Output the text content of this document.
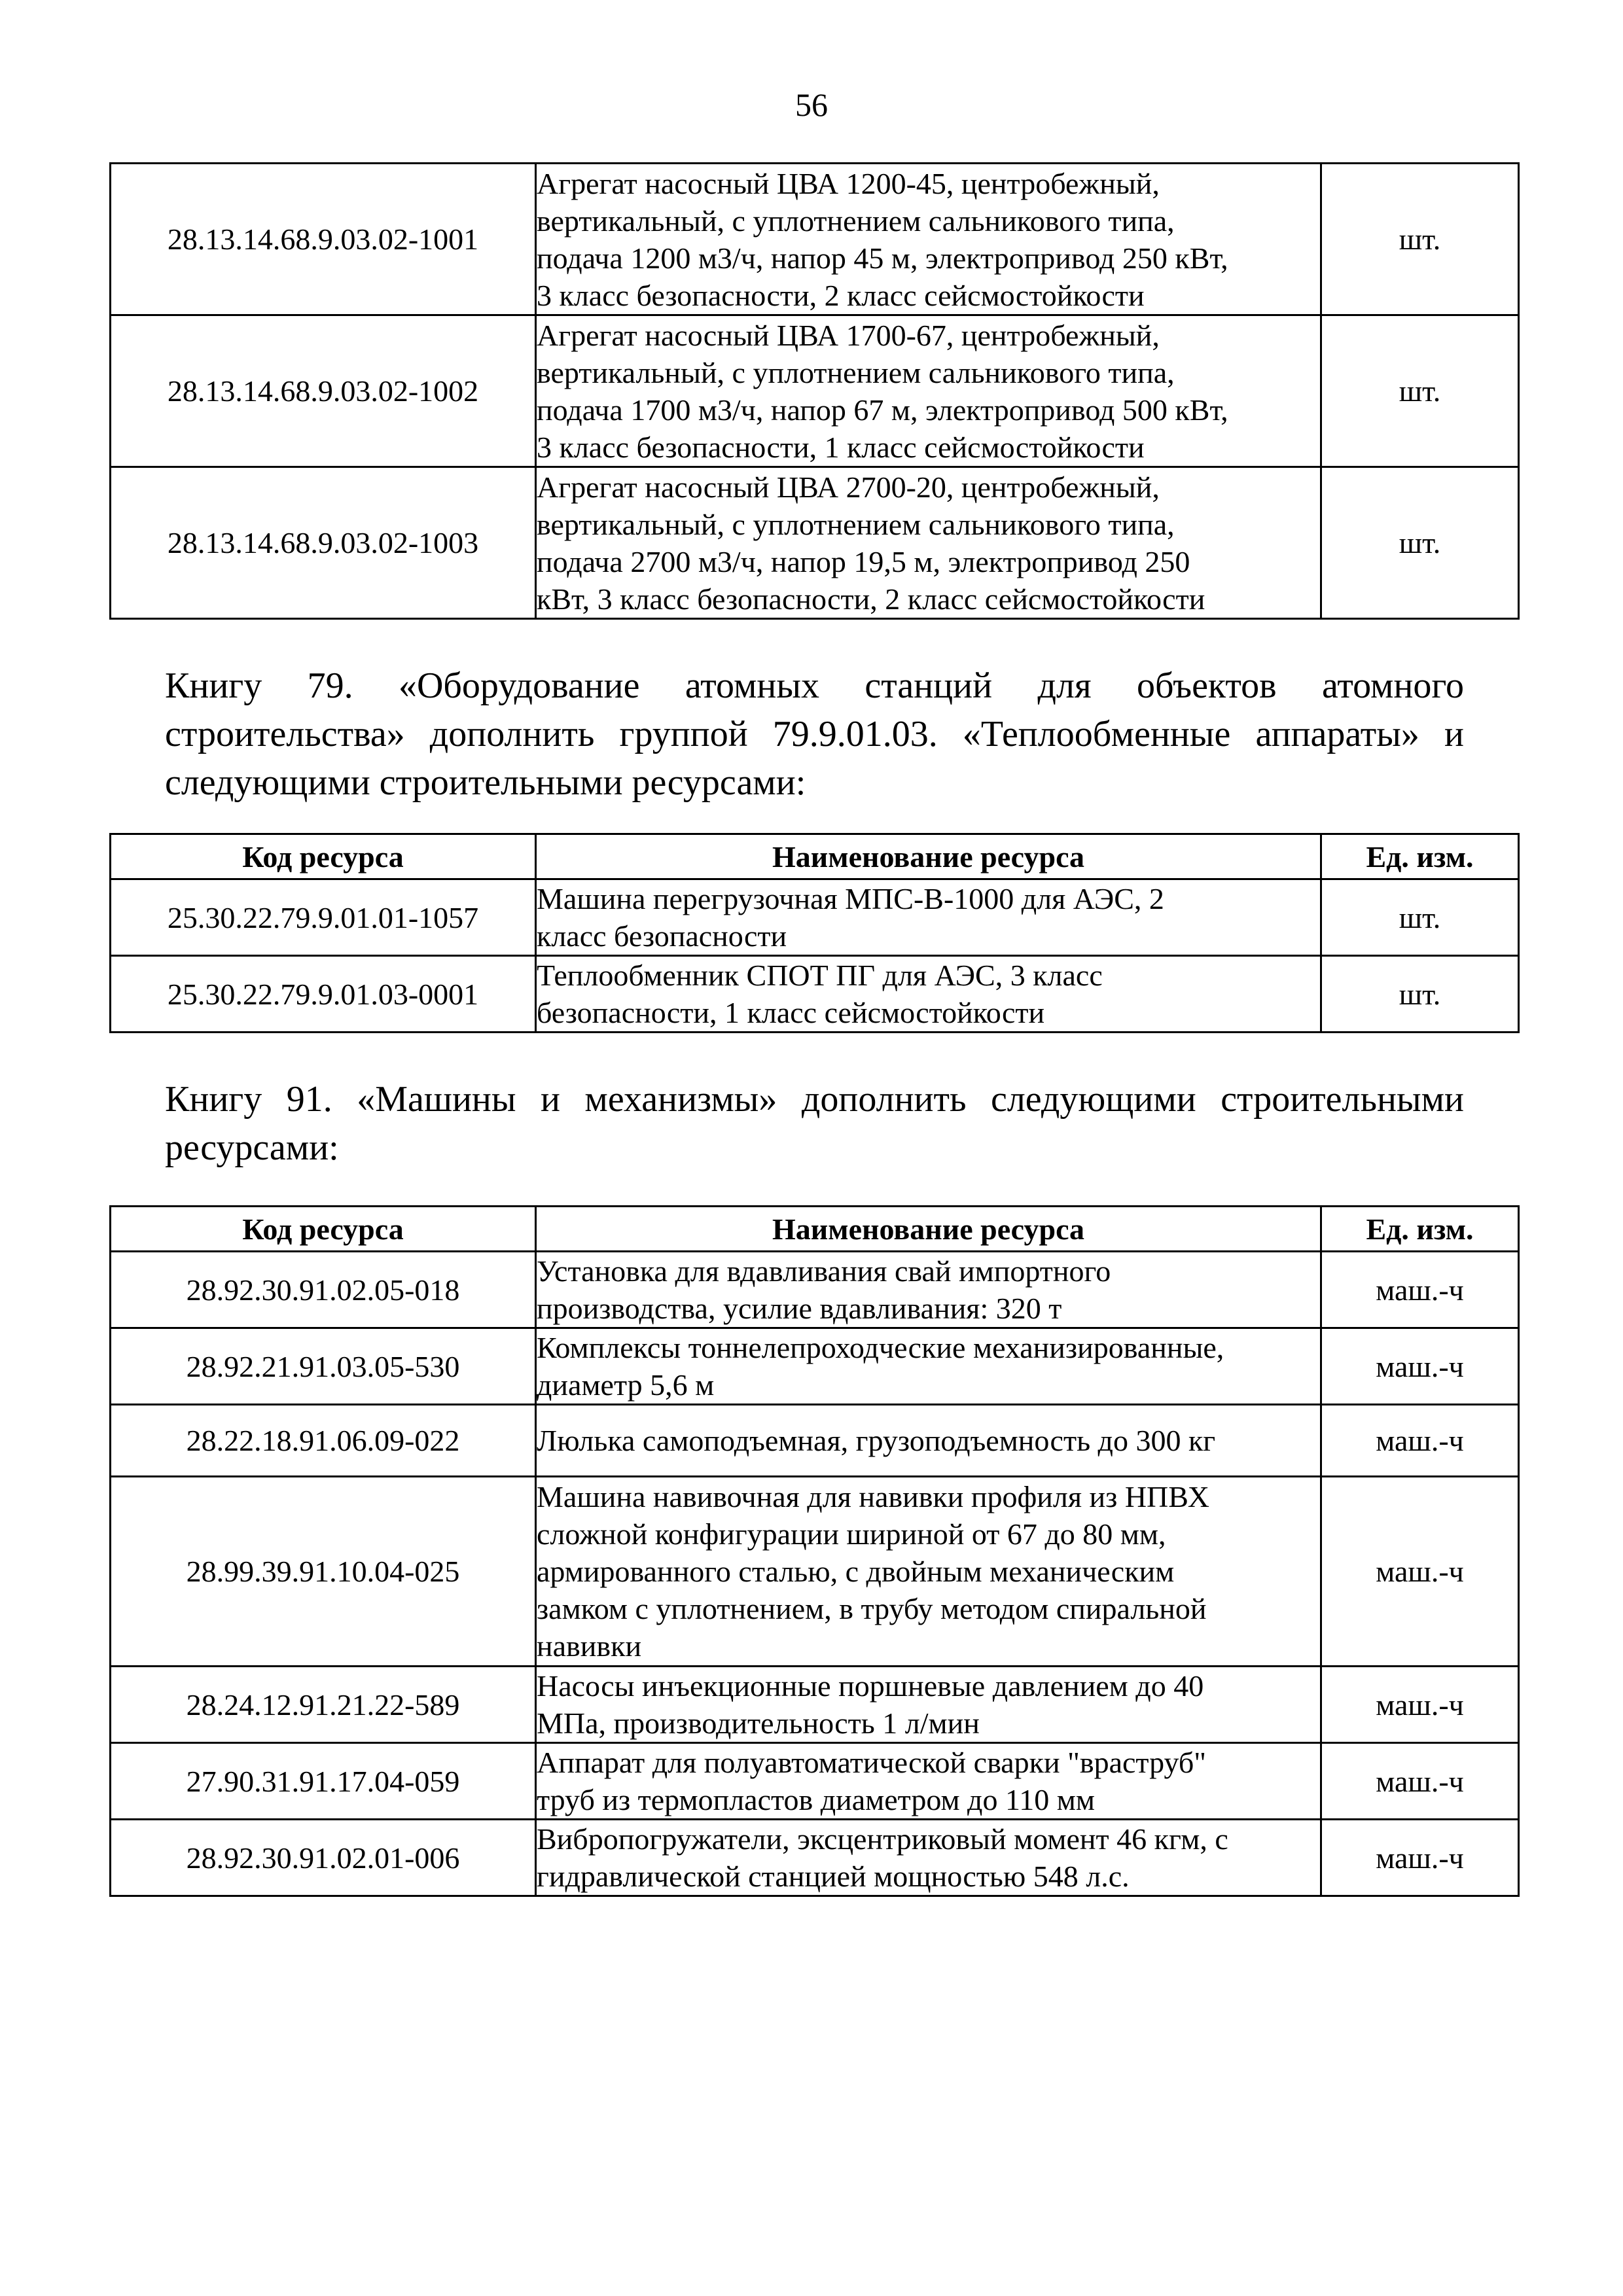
56
28.13.14.68.9.03.02-1001	Агрегат насосный ЦВА 1200-45, центробежный,
вертикальный, с уплотнением сальникового типа,
подача 1200 м3/ч, напор 45 м, электропривод 250 кВт,
3 класс безопасности, 2 класс сейсмостойкости	шт.
28.13.14.68.9.03.02-1002	Агрегат насосный ЦВА 1700-67, центробежный,
вертикальный, с уплотнением сальникового типа,
подача 1700 м3/ч, напор 67 м, электропривод 500 кВт,
3 класс безопасности, 1 класс сейсмостойкости	шт.
28.13.14.68.9.03.02-1003	Агрегат насосный ЦВА 2700-20, центробежный,
вертикальный, с уплотнением сальникового типа,
подача 2700 м3/ч, напор 19,5 м, электропривод 250
кВт, 3 класс безопасности, 2 класс сейсмостойкости	шт.
Книгу 79. «Оборудование атомных станций для объектов атомного
строительства» дополнить группой 79.9.01.03. «Теплообменные аппараты» и
следующими строительными ресурсами:
Код ресурса	Наименование ресурса	Ед. изм.
25.30.22.79.9.01.01-1057	Машина перегрузочная МПС-В-1000 для АЭС, 2
класс безопасности	шт.
25.30.22.79.9.01.03-0001	Теплообменник СПОТ ПГ для АЭС, 3 класс
безопасности, 1 класс сейсмостойкости	шт.
Книгу 91. «Машины и механизмы» дополнить следующими строительными
ресурсами:
Код ресурса	Наименование ресурса	Ед. изм.
28.92.30.91.02.05-018	Установка для вдавливания свай импортного
производства, усилие вдавливания: 320 т	маш.-ч
28.92.21.91.03.05-530	Комплексы тоннелепроходческие механизированные,
диаметр 5,6 м	маш.-ч
28.22.18.91.06.09-022	Люлька самоподъемная, грузоподъемность до 300 кг	маш.-ч
28.99.39.91.10.04-025	Машина навивочная для навивки профиля из НПВХ
сложной конфигурации шириной от 67 до 80 мм,
армированного сталью, с двойным механическим
замком с уплотнением, в трубу методом спиральной
навивки	маш.-ч
28.24.12.91.21.22-589	Насосы инъекционные поршневые давлением до 40
МПа, производительность 1 л/мин	маш.-ч
27.90.31.91.17.04-059	Аппарат для полуавтоматической сварки "враструб"
труб из термопластов диаметром до 110 мм	маш.-ч
28.92.30.91.02.01-006	Вибропогружатели, эксцентриковый момент 46 кгм, с
гидравлической станцией мощностью 548 л.с.	маш.-ч
